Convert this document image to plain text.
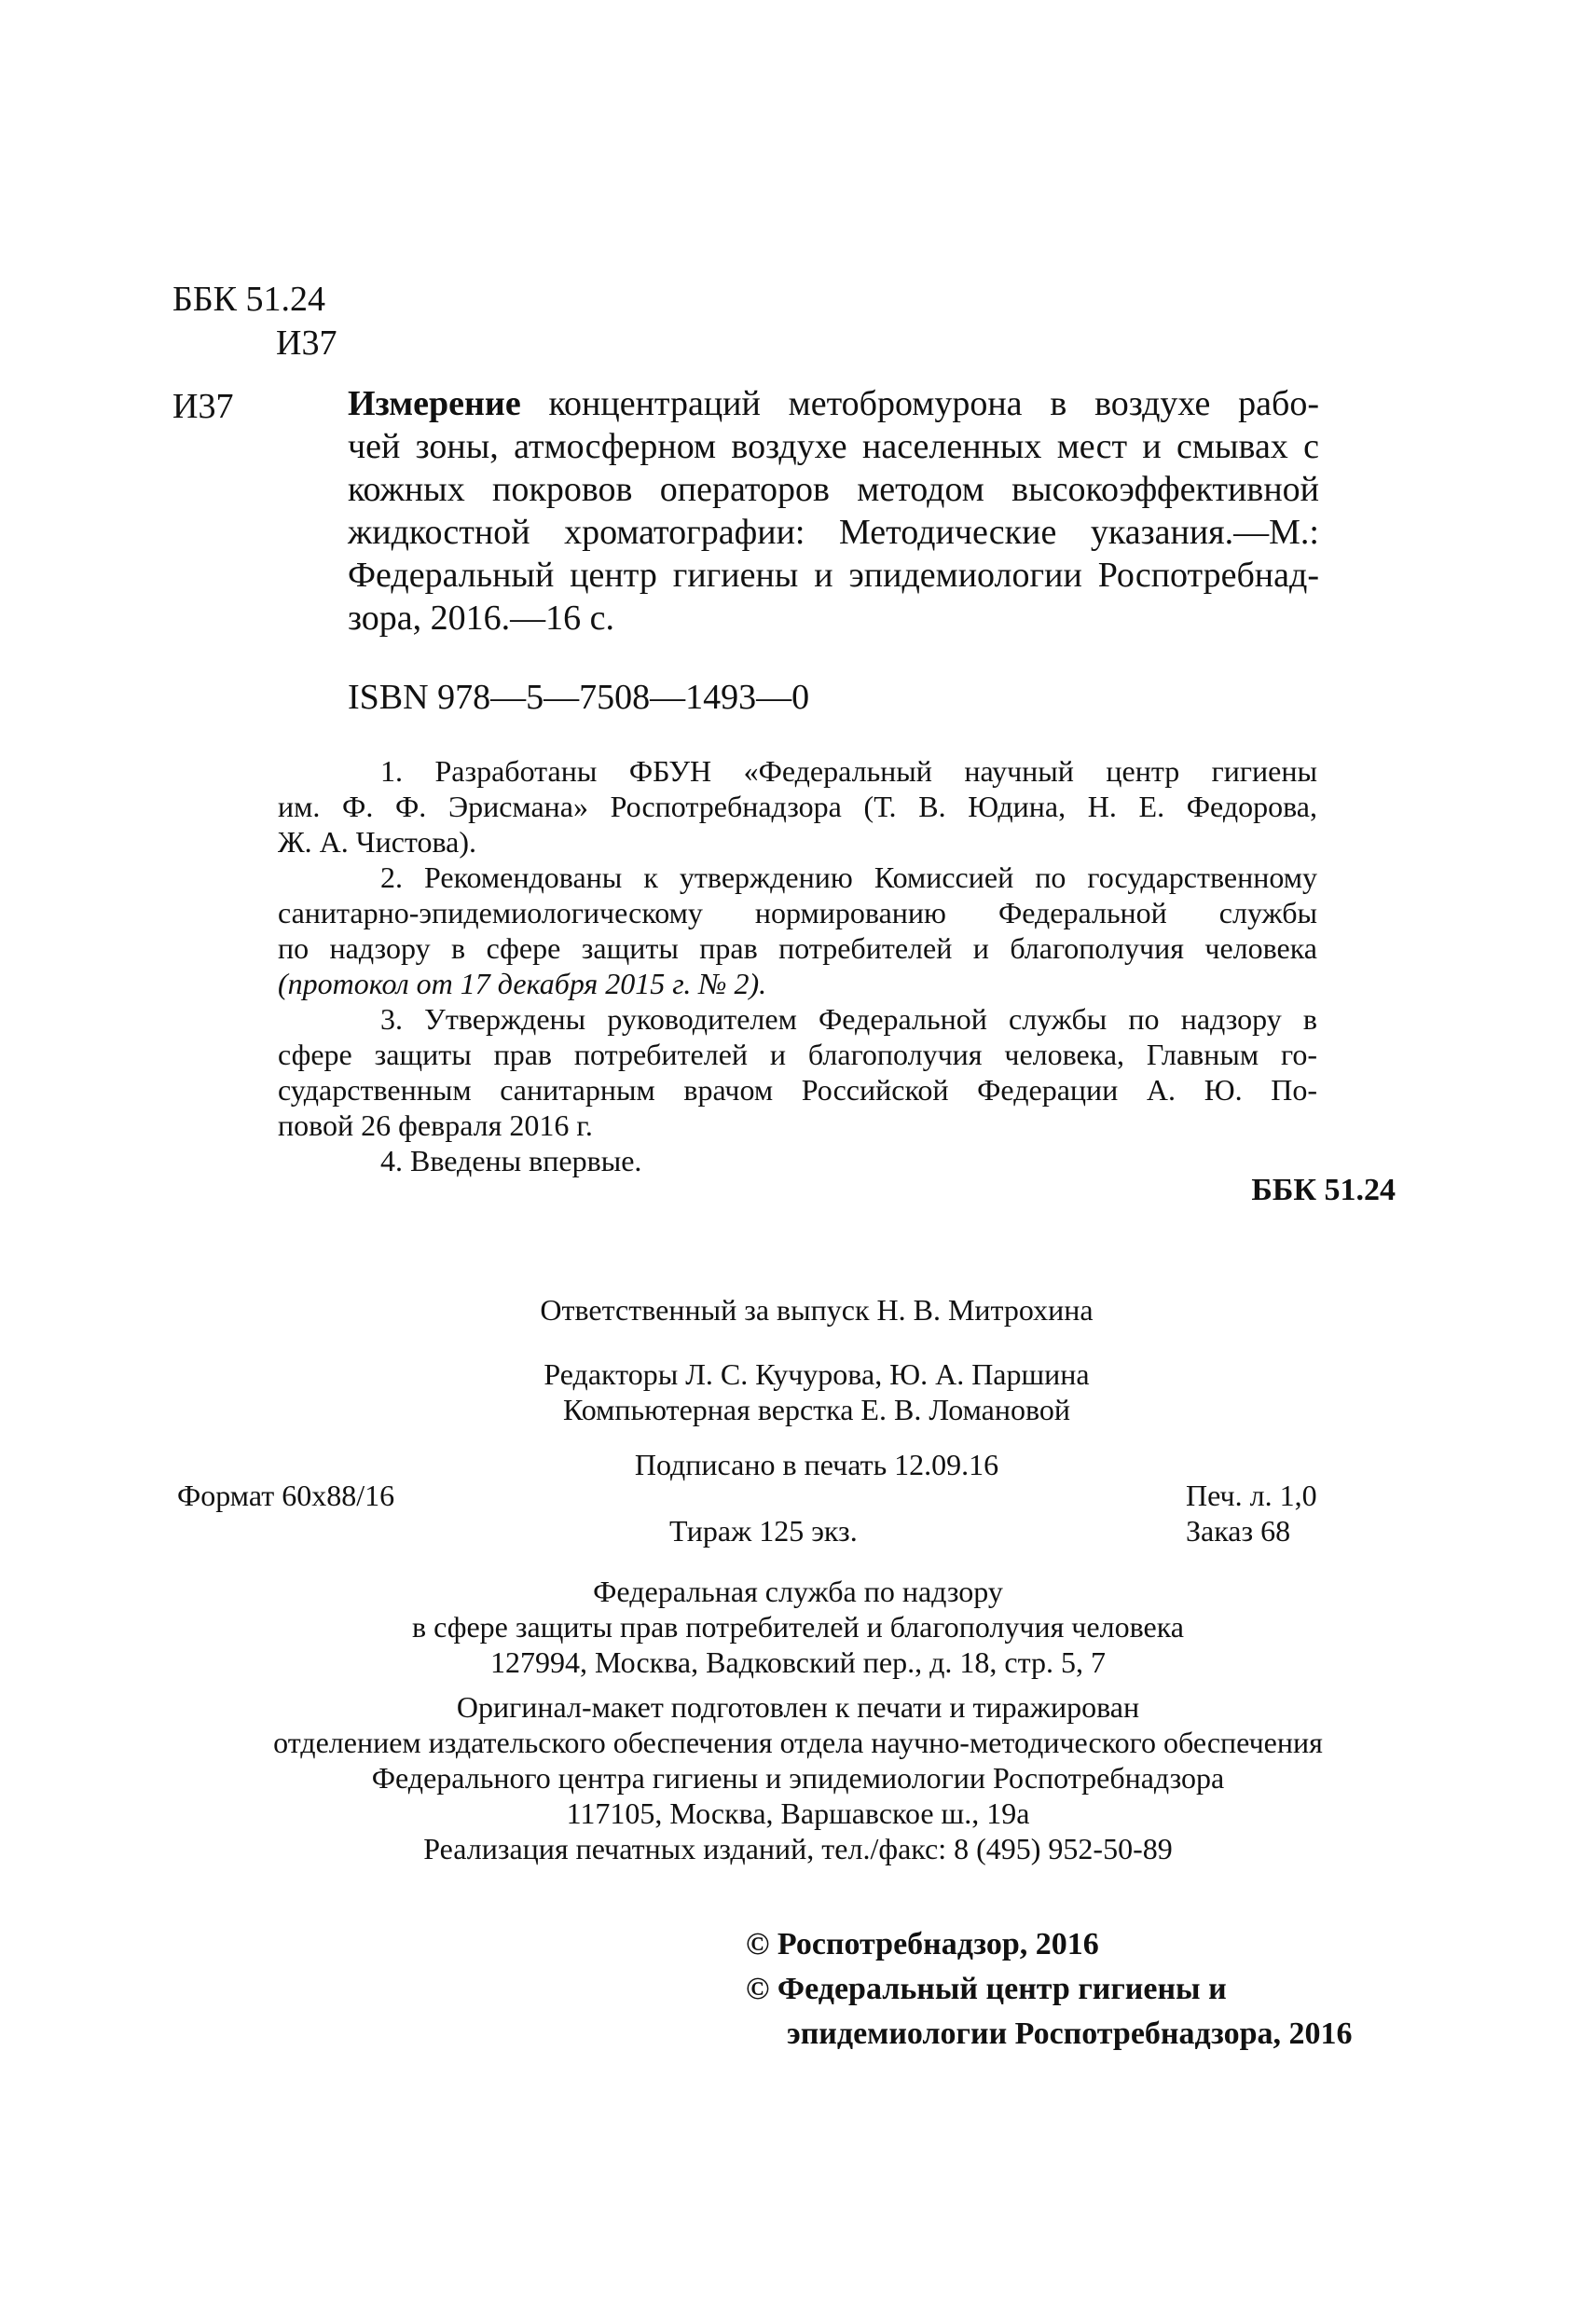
ББК 51.24
И37
И37	Измерение концентраций метобромурона в воздухе рабо-
чей зоны, атмосферном воздухе населенных мест и смывах с
кожных покровов операторов методом высокоэффективной
жидкостной хроматографии: Методические указания.—М.:
Федеральный центр гигиены и эпидемиологии Роспотребнад-
зора, 2016.—16 с.
ISBN 978—5—7508—1493—0
1. Разработаны ФБУН «Федеральный научный центр гигиены
им. Ф. Ф. Эрисмана» Роспотребнадзора (Т. В. Юдина, Н. Е. Федорова,
Ж. А. Чистова).
2. Рекомендованы к утверждению Комиссией по государственному
санитарно-эпидемиологическому нормированию Федеральной службы
по надзору в сфере защиты прав потребителей и благополучия человека
(протокол от 17 декабря 2015 г. № 2).
3. Утверждены руководителем Федеральной службы по надзору в
сфере защиты прав потребителей и благополучия человека, Главным го-
сударственным санитарным врачом Российской Федерации А. Ю. По-
повой 26 февраля 2016 г.
4. Введены впервые.
ББК 51.24
Ответственный за выпуск Н. В. Митрохина
Редакторы Л. С. Кучурова, Ю. А. Паршина
Компьютерная верстка Е. В. Ломановой
Подписано в печать 12.09.16
Формат 60x88/16	Печ. л. 1,0
Тираж 125 экз.	Заказ 68
Федеральная служба по надзору
в сфере защиты прав потребителей и благополучия человека
127994, Москва, Вадковский пер., д. 18, стр. 5, 7
Оригинал-макет подготовлен к печати и тиражирован
отделением издательского обеспечения отдела научно-методического обеспечения
Федерального центра гигиены и эпидемиологии Роспотребнадзора
117105, Москва, Варшавское ш., 19а
Реализация печатных изданий, тел./факс: 8 (495) 952-50-89
© Роспотребнадзор, 2016
© Федеральный центр гигиены и
эпидемиологии Роспотребнадзора, 2016
